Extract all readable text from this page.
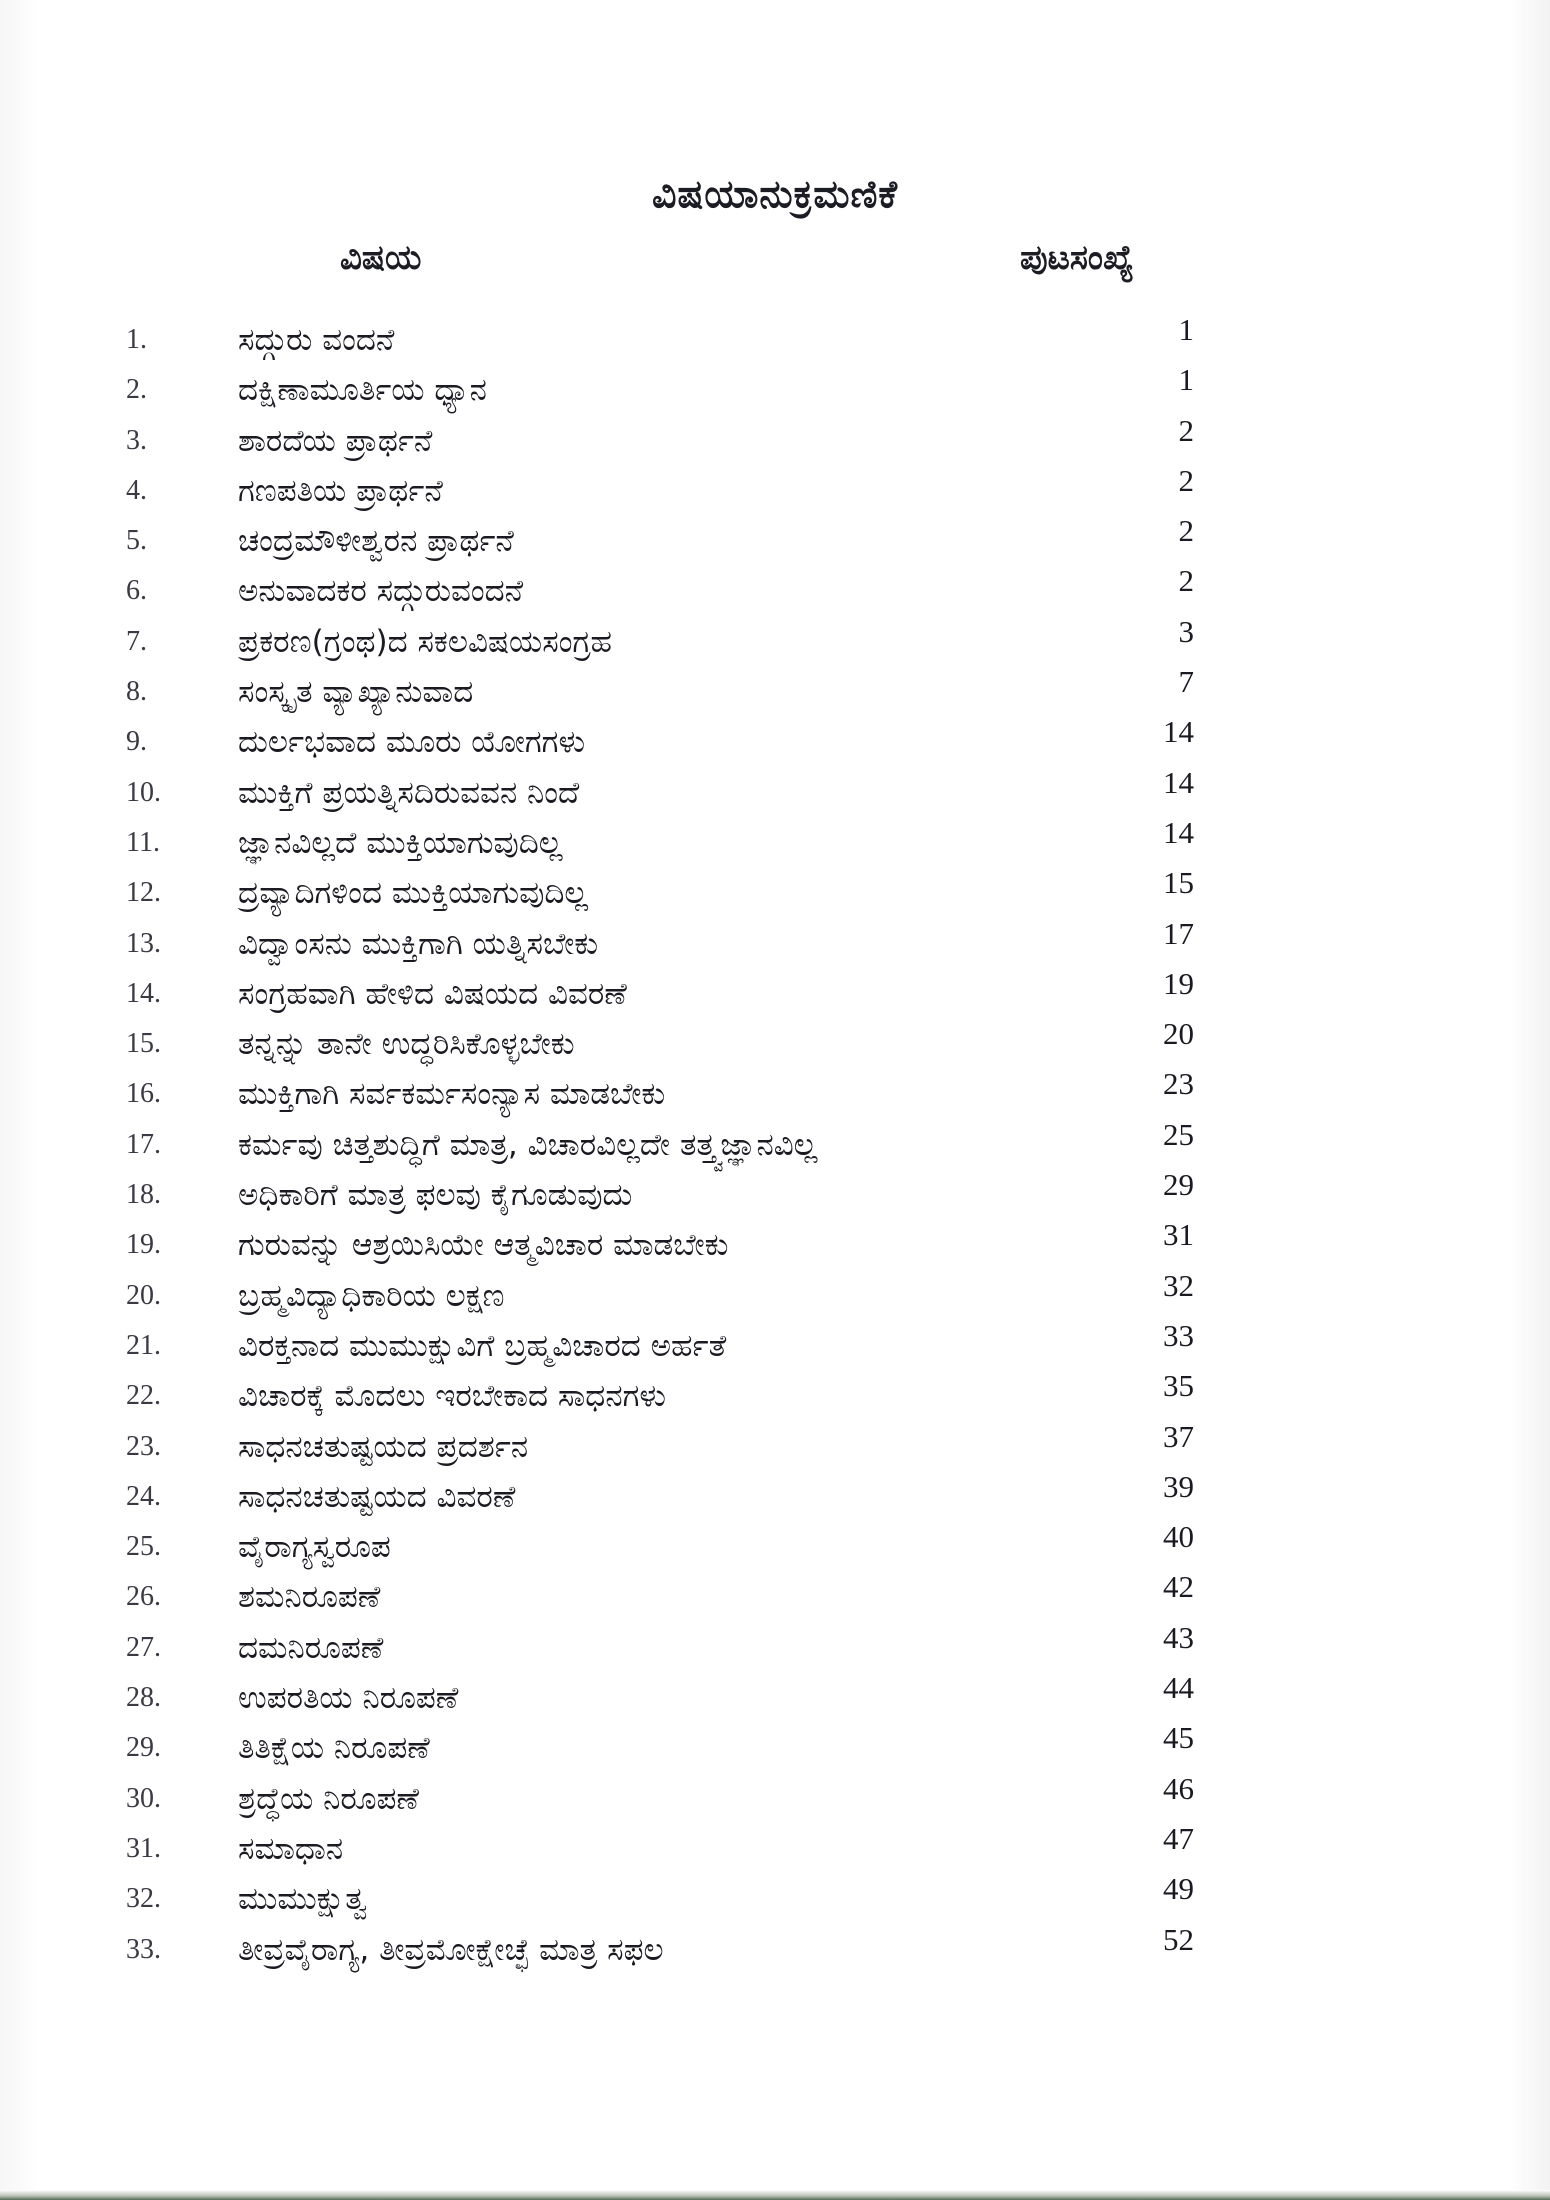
ವಿಷಯಾನುಕ್ರಮಣಿಕೆ
ವಿಷಯ	ಪುಟಸಂಖ್ಯೆ
1.	ಸದ್ಗುರು ವಂದನೆ	1
2.	ದಕ್ಷಿಣಾಮೂರ್ತಿಯ ಧ್ಯಾನ	1
3.	ಶಾರದೆಯ ಪ್ರಾರ್ಥನೆ	2
4.	ಗಣಪತಿಯ ಪ್ರಾರ್ಥನೆ	2
5.	ಚಂದ್ರಮೌಳೀಶ್ವರನ ಪ್ರಾರ್ಥನೆ	2
6.	ಅನುವಾದಕರ ಸದ್ಗುರುವಂದನೆ	2
7.	ಪ್ರಕರಣ(ಗ್ರಂಥ)ದ ಸಕಲವಿಷಯಸಂಗ್ರಹ	3
8.	ಸಂಸ್ಕೃತ ವ್ಯಾಖ್ಯಾನುವಾದ	7
9.	ದುರ್ಲಭವಾದ ಮೂರು ಯೋಗಗಳು	14
10. ಮುಕ್ತಿಗೆ ಪ್ರಯತ್ನಿಸದಿರುವವನ ನಿಂದೆ	14
11.	ಜ್ಞಾನವಿಲ್ಲದೆ ಮುಕ್ತಿಯಾಗುವುದಿಲ್ಲ	14
12. ದ್ರವ್ಯಾದಿಗಳಿಂದ ಮುಕ್ತಿಯಾಗುವುದಿಲ್ಲ	15
13. ವಿದ್ವಾಂಸನು ಮುಕ್ತಿಗಾಗಿ ಯತ್ನಿಸಬೇಕು	17
14. ಸಂಗ್ರಹವಾಗಿ ಹೇಳಿದ ವಿಷಯದ ವಿವರಣೆ	19
15. ತನ್ನನ್ನು ತಾನೇ ಉದ್ಧರಿಸಿಕೊಳ್ಳಬೇಕು	20
16. ಮುಕ್ತಿಗಾಗಿ ಸರ್ವಕರ್ಮಸಂನ್ಯಾಸ ಮಾಡಬೇಕು	23
17. ಕರ್ಮವು ಚಿತ್ತಶುದ್ಧಿಗೆ ಮಾತ್ರ, ವಿಚಾರವಿಲ್ಲದೇ ತತ್ತ್ವಜ್ಞಾನವಿಲ್ಲ	25
18. ಅಧಿಕಾರಿಗೆ ಮಾತ್ರ ಫಲವು ಕೈಗೂಡುವುದು	29
19. ಗುರುವನ್ನು ಆಶ್ರಯಿಸಿಯೇ ಆತ್ಮವಿಚಾರ ಮಾಡಬೇಕು	31
20. ಬ್ರಹ್ಮವಿದ್ಯಾಧಿಕಾರಿಯ ಲಕ್ಷಣ	32
21. ವಿರಕ್ತನಾದ ಮುಮುಕ್ಷುವಿಗೆ ಬ್ರಹ್ಮವಿಚಾರದ ಅರ್ಹತೆ	33
22. ವಿಚಾರಕ್ಕೆ ಮೊದಲು ಇರಬೇಕಾದ ಸಾಧನಗಳು	35
23. ಸಾಧನಚತುಷ್ಟಯದ ಪ್ರದರ್ಶನ	37
24. ಸಾಧನಚತುಷ್ಟಯದ ವಿವರಣೆ	39
25. ವೈರಾಗ್ಯಸ್ವರೂಪ	40
26. ಶಮನಿರೂಪಣೆ	42
27. ದಮನಿರೂಪಣೆ	43
28. ಉಪರತಿಯ ನಿರೂಪಣೆ	44
29. ತಿತಿಕ್ಷೆಯ ನಿರೂಪಣೆ	45
30. ಶ್ರದ್ಧೆಯ ನಿರೂಪಣೆ	46
31. ಸಮಾಧಾನ	47
32. ಮುಮುಕ್ಷುತ್ವ	49
33. ತೀವ್ರವೈರಾಗ್ಯ, ತೀವ್ರಮೋಕ್ಷೇಚ್ಛೆ ಮಾತ್ರ ಸಫಲ	52
